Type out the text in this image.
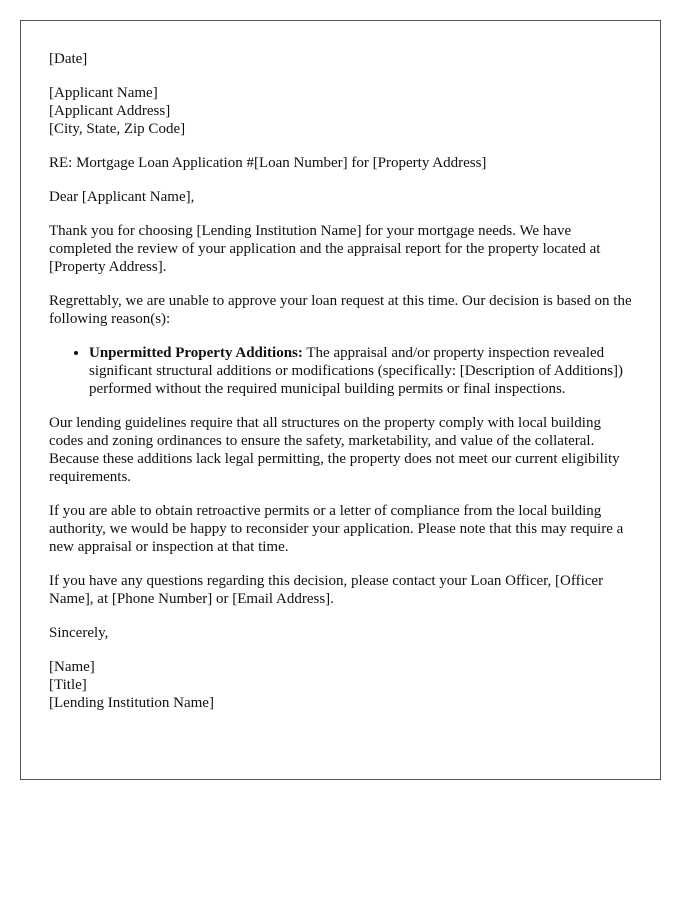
[Date]
[Applicant Name]
[Applicant Address]
[City, State, Zip Code]

RE: Mortgage Loan Application #[Loan Number] for [Property Address]

Dear [Applicant Name],

Thank you for choosing [Lending Institution Name] for your mortgage needs. We have completed the review of your application and the appraisal report for the property located at [Property Address].

Regrettably, we are unable to approve your loan request at this time. Our decision is based on the following reason(s):

• Unpermitted Property Additions: The appraisal and/or property inspection revealed significant structural additions or modifications (specifically: [Description of Additions]) performed without the required municipal building permits or final inspections.

Our lending guidelines require that all structures on the property comply with local building codes and zoning ordinances to ensure the safety, marketability, and value of the collateral. Because these additions lack legal permitting, the property does not meet our current eligibility requirements.

If you are able to obtain retroactive permits or a letter of compliance from the local building authority, we would be happy to reconsider your application. Please note that this may require a new appraisal or inspection at that time.

If you have any questions regarding this decision, please contact your Loan Officer, [Officer Name], at [Phone Number] or [Email Address].

Sincerely,

[Name]
[Title]
[Lending Institution Name]
